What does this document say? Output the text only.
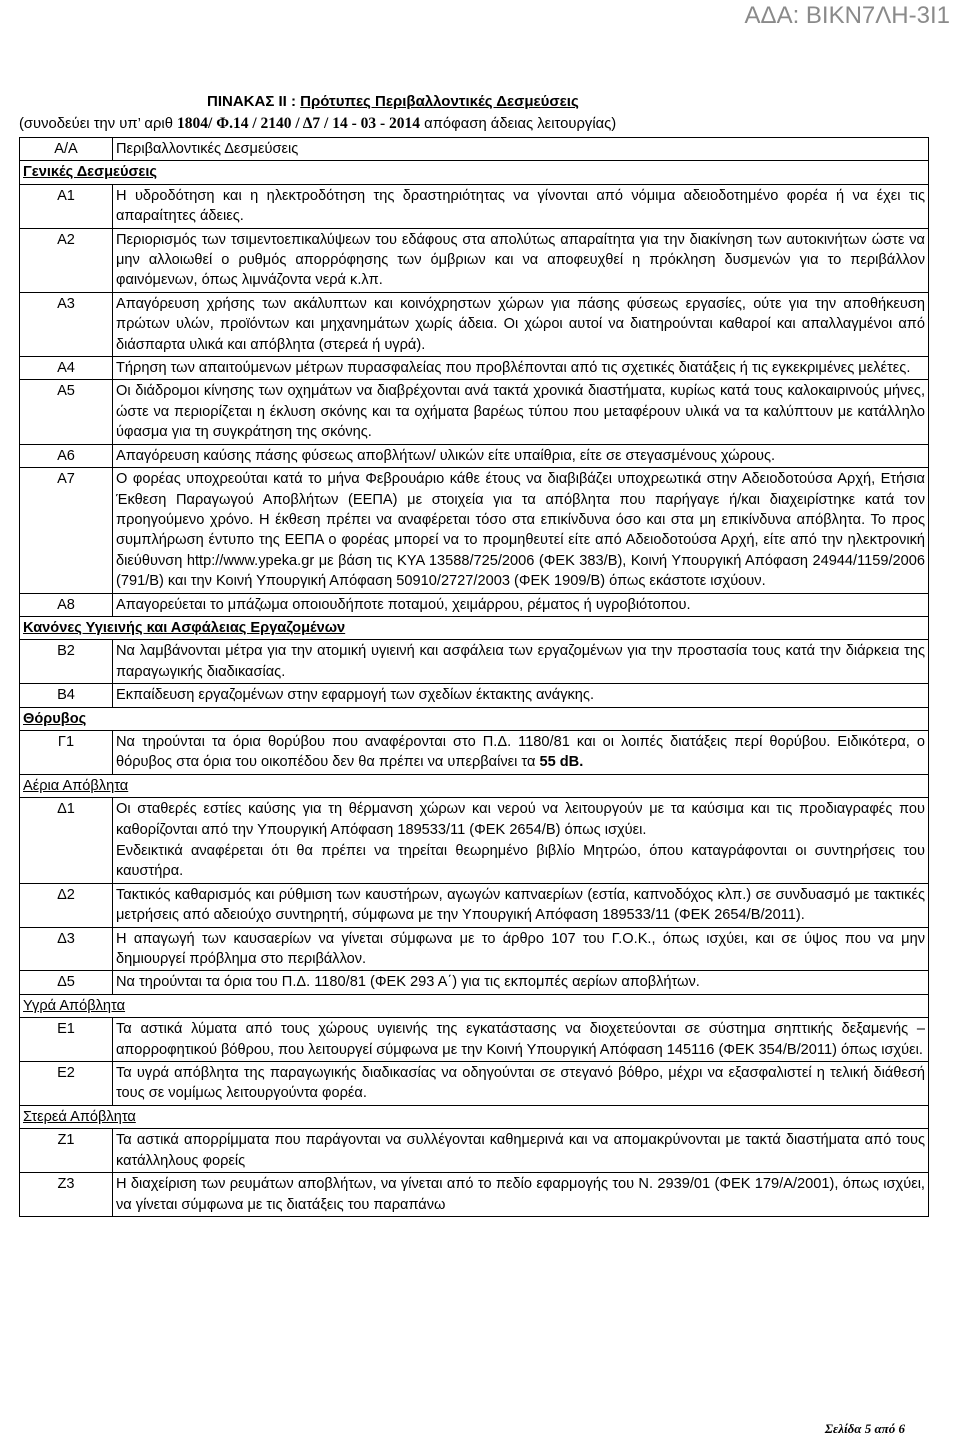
ΑΔΑ: ΒΙΚΝ7ΛΗ-3Ι1
ΠΙΝΑΚΑΣ ΙΙ : Πρότυπες Περιβαλλοντικές Δεσμεύσεις
(συνοδεύει την υπ’ αριθ 1804/ Φ.14 / 2140 / Δ7 / 14 - 03 - 2014 απόφαση άδειας λειτουργίας)
Α/Α	Περιβαλλοντικές Δεσμεύσεις
Γενικές Δεσμεύσεις	
Α1	Η υδροδότηση και η ηλεκτροδότηση της δραστηριότητας να γίνονται από νόμιμα αδειοδοτημένο φορέα ή να έχει τις απαραίτητες άδειες.

Α2	Περιορισμός των τσιμεντοεπικαλύψεων του εδάφους στα απολύτως απαραίτητα για την διακίνηση των αυτοκινήτων ώστε να μην αλλοιωθεί ο ρυθμός απορρόφησης των όμβριων και να αποφευχθεί η πρόκληση δυσμενών για το περιβάλλον φαινόμενων, όπως λιμνάζοντα νερά κ.λπ.

Α3	Απαγόρευση χρήσης των ακάλυπτων και κοινόχρηστων χώρων για πάσης φύσεως εργασίες, ούτε για την αποθήκευση πρώτων υλών, προϊόντων και μηχανημάτων χωρίς άδεια. Οι χώροι αυτοί να διατηρούνται καθαροί και απαλλαγμένοι από διάσπαρτα υλικά και απόβλητα (στερεά ή υγρά).

Α4	Τήρηση των απαιτούμενων μέτρων πυρασφαλείας που προβλέπονται από τις σχετικές διατάξεις ή τις εγκεκριμένες μελέτες.

Α5	Οι διάδρομοι κίνησης των οχημάτων να διαβρέχονται ανά τακτά χρονικά διαστήματα, κυρίως κατά τους καλοκαιρινούς μήνες, ώστε να περιορίζεται η έκλυση σκόνης και τα οχήματα βαρέως τύπου που μεταφέρουν υλικά να τα καλύπτουν με κατάλληλο ύφασμα για τη συγκράτηση της σκόνης.

Α6	Απαγόρευση καύσης πάσης φύσεως αποβλήτων/ υλικών είτε υπαίθρια, είτε σε στεγασμένους χώρους.

Α7	Ο φορέας υποχρεούται κατά το μήνα Φεβρουάριο κάθε έτους να διαβιβάζει υποχρεωτικά στην Αδειοδοτούσα Αρχή, Ετήσια Έκθεση Παραγωγού Αποβλήτων (ΕΕΠΑ) με στοιχεία για τα απόβλητα που παρήγαγε ή/και διαχειρίστηκε κατά τον προηγούμενο χρόνο. Η έκθεση πρέπει να αναφέρεται τόσο στα επικίνδυνα όσο και στα μη επικίνδυνα απόβλητα. Το προς συμπλήρωση έντυπο της ΕΕΠΑ ο φορέας μπορεί να το προμηθευτεί είτε από Αδειοδοτούσα Αρχή, είτε από την ηλεκτρονική διεύθυνση http://www.ypeka.gr με βάση τις ΚΥΑ 13588/725/2006 (ΦΕΚ 383/Β), Κοινή Υπουργική Απόφαση 24944/1159/2006 (791/Β) και την Κοινή Υπουργική Απόφαση 50910/2727/2003 (ΦΕΚ 1909/Β) όπως εκάστοτε ισχύουν.

Α8	Απαγορεύεται το μπάζωμα οποιουδήποτε ποταμού, χειμάρρου, ρέματος ή υγροβιότοπου.

Κανόνες Υγιεινής και Ασφάλειας Εργαζομένων	
Β2	Να λαμβάνονται μέτρα για την ατομική υγιεινή και ασφάλεια των εργαζομένων για την προστασία τους κατά την διάρκεια της παραγωγικής διαδικασίας.

Β4	Εκπαίδευση εργαζομένων στην εφαρμογή των σχεδίων έκτακτης ανάγκης.

Θόρυβος	
Γ1	Να τηρούνται τα όρια θορύβου που αναφέρονται στο Π.Δ. 1180/81 και οι λοιπές διατάξεις περί θορύβου. Ειδικότερα, ο θόρυβος στα όρια του οικοπέδου δεν θα πρέπει να υπερβαίνει τα 55 dB.

Αέρια Απόβλητα	
Δ1	Οι σταθερές εστίες καύσης για τη θέρμανση χώρων και νερού να λειτουργούν με τα καύσιμα και τις προδιαγραφές που καθορίζονται από την Υπουργική Απόφαση 189533/11 (ΦΕΚ 2654/Β) όπως ισχύει.

Ενδεικτικά αναφέρεται ότι θα πρέπει να τηρείται θεωρημένο βιβλίο Μητρώο, όπου καταγράφονται οι συντηρήσεις του καυστήρα.

Δ2	Τακτικός καθαρισμός και ρύθμιση των καυστήρων, αγωγών καπναερίων (εστία, καπνοδόχος κλπ.) σε συνδυασμό με τακτικές μετρήσεις από αδειούχο συντηρητή, σύμφωνα με την Υπουργική Απόφαση 189533/11 (ΦΕΚ 2654/Β/2011).

Δ3	Η απαγωγή των καυσαερίων να γίνεται σύμφωνα με το άρθρο 107 του Γ.Ο.Κ., όπως ισχύει, και σε ύψος που να μην δημιουργεί πρόβλημα στο περιβάλλον.

Δ5	Να τηρούνται τα όρια του Π.Δ. 1180/81 (ΦΕΚ 293 Α΄) για τις εκπομπές αερίων αποβλήτων.

Υγρά Απόβλητα	
Ε1	Τα αστικά λύματα από τους χώρους υγιεινής της εγκατάστασης να διοχετεύονται σε σύστημα σηπτικής δεξαμενής – απορροφητικού βόθρου, που λειτουργεί σύμφωνα με την Κοινή Υπουργική Απόφαση 145116 (ΦΕΚ 354/Β/2011) όπως ισχύει.

Ε2	Τα υγρά απόβλητα της παραγωγικής διαδικασίας να οδηγούνται σε στεγανό βόθρο, μέχρι να εξασφαλιστεί η τελική διάθεσή τους σε νομίμως λειτουργούντα φορέα.

Στερεά Απόβλητα	
Ζ1	Τα αστικά απορρίμματα που παράγονται να συλλέγονται καθημερινά και να απομακρύνονται με τακτά διαστήματα από τους κατάλληλους φορείς

Ζ3	Η διαχείριση των ρευμάτων αποβλήτων, να γίνεται από το πεδίο εφαρμογής του Ν. 2939/01 (ΦΕΚ 179/Α/2001), όπως ισχύει, να γίνεται σύμφωνα με τις διατάξεις του παραπάνω

Σελίδα 5 από 6
